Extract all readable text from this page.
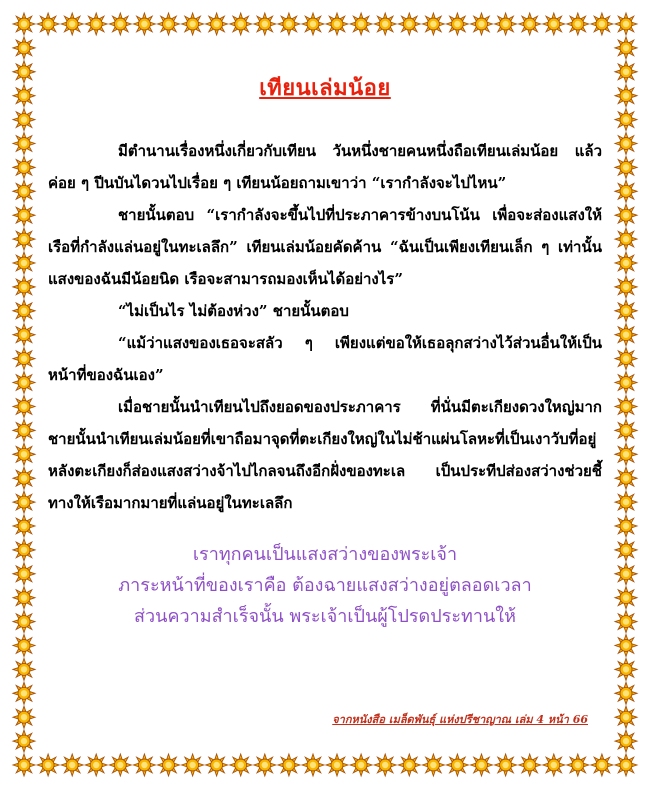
เทียนเล่มน้อย

มีตำนานเรื่องหนึ่งเกี่ยวกับเทียน วันหนึ่งชายคนหนึ่งถือเทียนเล่มน้อย แล้วค่อย ๆ ปีนบันไดวนไปเรื่อย ๆ เทียนน้อยถามเขาว่า “เรากำลังจะไปไหน”

ชายนั้นตอบ “เรากำลังจะขึ้นไปที่ประภาคารข้างบนโน้น เพื่อจะส่องแสงให้เรือที่กำลังแล่นอยู่ในทะเลลึก” เทียนเล่มน้อยคัดค้าน “ฉันเป็นเพียงเทียนเล็ก ๆ เท่านั้น แสงของฉันมีน้อยนิด เรือจะสามารถมองเห็นได้อย่างไร”

“ไม่เป็นไร ไม่ต้องห่วง” ชายนั้นตอบ

“แม้ว่าแสงของเธอจะสลัว ๆ เพียงแต่ขอให้เธอลุกสว่างไว้ส่วนอื่นให้เป็นหน้าที่ของฉันเอง”

เมื่อชายนั้นนำเทียนไปถึงยอดของประภาคาร ที่นั่นมีตะเกียงดวงใหญ่มาก ชายนั้นนำเทียนเล่มน้อยที่เขาถือมาจุดที่ตะเกียงใหญ่ในไม่ช้าแผ่นโลหะที่เป็นเงาวับที่อยู่หลังตะเกียงก็ส่องแสงสว่างจ้าไปไกลจนถึงอีกฝั่งของทะเล เป็นประทีปส่องสว่างช่วยชี้ทางให้เรือมากมายที่แล่นอยู่ในทะเลลึก

เราทุกคนเป็นแสงสว่างของพระเจ้า
ภาระหน้าที่ของเราคือ ต้องฉายแสงสว่างอยู่ตลอดเวลา
ส่วนความสำเร็จนั้น พระเจ้าเป็นผู้โปรดประทานให้
จากหนังสือ เมล็ดพันธุ์ แห่งปรีชาญาณ เล่ม 4 หน้า 66
